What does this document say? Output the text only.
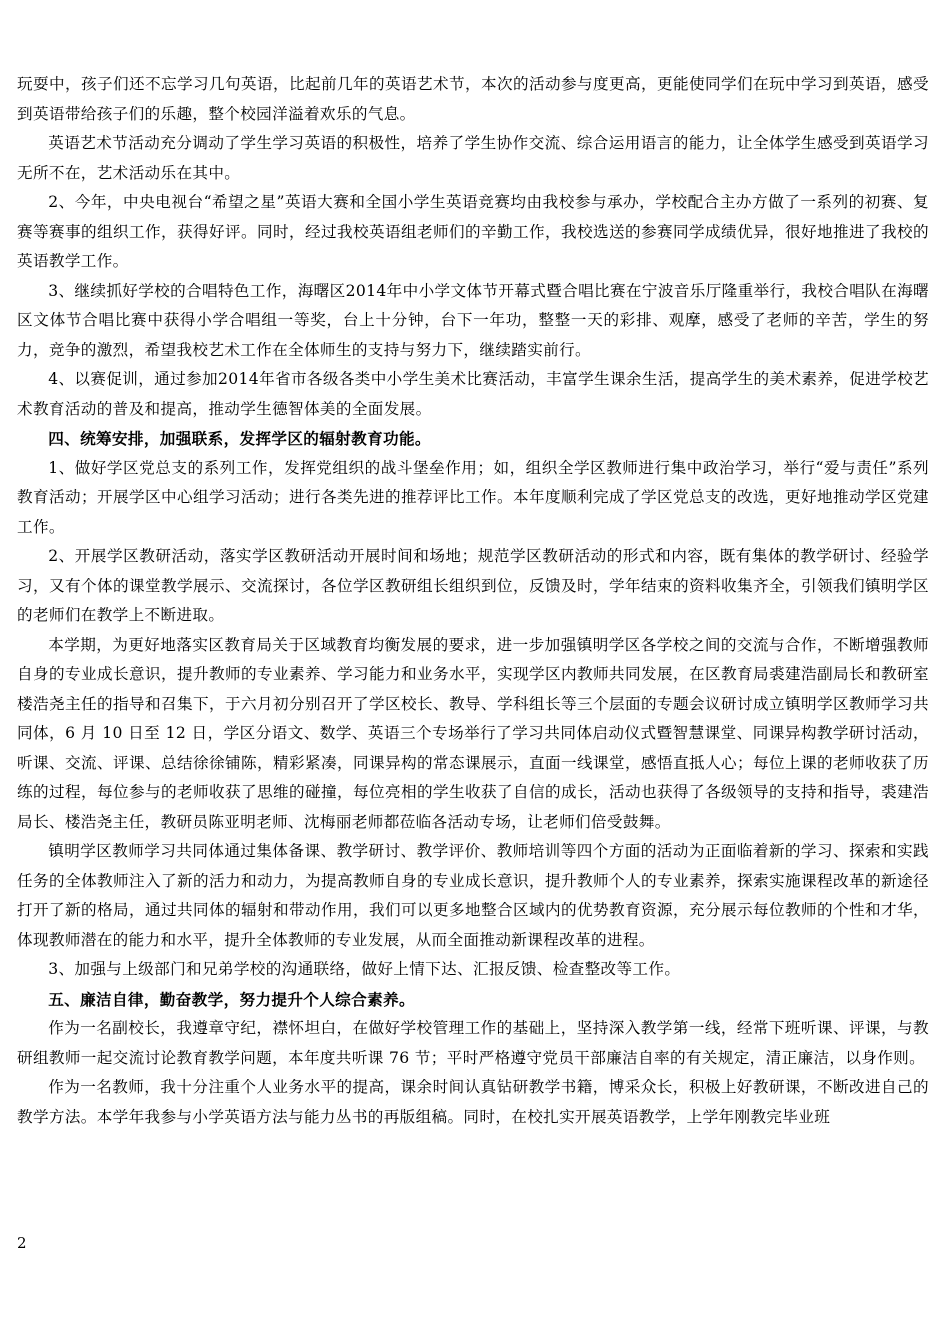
玩耍中，孩子们还不忘学习几句英语，比起前几年的英语艺术节，本次的活动参与度更高，更能使同学们在玩中学习到英语，感受到英语带给孩子们的乐趣，整个校园洋溢着欢乐的气息。

英语艺术节活动充分调动了学生学习英语的积极性，培养了学生协作交流、综合运用语言的能力，让全体学生感受到英语学习无所不在，艺术活动乐在其中。

2、今年，中央电视台“希望之星”英语大赛和全国小学生英语竞赛均由我校参与承办，学校配合主办方做了一系列的初赛、复赛等赛事的组织工作，获得好评。同时，经过我校英语组老师们的辛勤工作，我校选送的参赛同学成绩优异，很好地推进了我校的英语教学工作。

3、继续抓好学校的合唱特色工作，海曙区2014年中小学文体节开幕式暨合唱比赛在宁波音乐厅隆重举行，我校合唱队在海曙区文体节合唱比赛中获得小学合唱组一等奖，台上十分钟，台下一年功，整整一天的彩排、观摩，感受了老师的辛苦，学生的努力，竞争的激烈，希望我校艺术工作在全体师生的支持与努力下，继续踏实前行。

4、以赛促训，通过参加2014年省市各级各类中小学生美术比赛活动，丰富学生课余生活，提高学生的美术素养，促进学校艺术教育活动的普及和提高，推动学生德智体美的全面发展。

四、统筹安排，加强联系，发挥学区的辐射教育功能。

1、做好学区党总支的系列工作，发挥党组织的战斗堡垒作用；如，组织全学区教师进行集中政治学习，举行“爱与责任”系列教育活动；开展学区中心组学习活动；进行各类先进的推荐评比工作。本年度顺利完成了学区党总支的改选，更好地推动学区党建工作。

2、开展学区教研活动，落实学区教研活动开展时间和场地；规范学区教研活动的形式和内容，既有集体的教学研讨、经验学习，又有个体的课堂教学展示、交流探讨，各位学区教研组长组织到位，反馈及时，学年结束的资料收集齐全，引领我们镇明学区的老师们在教学上不断进取。

本学期，为更好地落实区教育局关于区域教育均衡发展的要求，进一步加强镇明学区各学校之间的交流与合作，不断增强教师自身的专业成长意识，提升教师的专业素养、学习能力和业务水平，实现学区内教师共同发展，在区教育局裘建浩副局长和教研室楼浩尧主任的指导和召集下，于六月初分别召开了学区校长、教导、学科组长等三个层面的专题会议研讨成立镇明学区教师学习共同体，6 月 10 日至 12 日，学区分语文、数学、英语三个专场举行了学习共同体启动仪式暨智慧课堂、同课异构教学研讨活动，听课、交流、评课、总结徐徐铺陈，精彩紧凑，同课异构的常态课展示，直面一线课堂，感悟直抵人心；每位上课的老师收获了历练的过程，每位参与的老师收获了思维的碰撞，每位亮相的学生收获了自信的成长，活动也获得了各级领导的支持和指导，裘建浩局长、楼浩尧主任，教研员陈亚明老师、沈梅丽老师都莅临各活动专场，让老师们倍受鼓舞。

镇明学区教师学习共同体通过集体备课、教学研讨、教学评价、教师培训等四个方面的活动为正面临着新的学习、探索和实践任务的全体教师注入了新的活力和动力，为提高教师自身的专业成长意识，提升教师个人的专业素养，探索实施课程改革的新途径打开了新的格局，通过共同体的辐射和带动作用，我们可以更多地整合区域内的优势教育资源，充分展示每位教师的个性和才华，体现教师潜在的能力和水平，提升全体教师的专业发展，从而全面推动新课程改革的进程。

3、加强与上级部门和兄弟学校的沟通联络，做好上情下达、汇报反馈、检查整改等工作。

五、廉洁自律，勤奋教学，努力提升个人综合素养。

作为一名副校长，我遵章守纪，襟怀坦白，在做好学校管理工作的基础上，坚持深入教学第一线，经常下班听课、评课，与教研组教师一起交流讨论教育教学问题，本年度共听课 76 节；平时严格遵守党员干部廉洁自率的有关规定，清正廉洁，以身作则。

作为一名教师，我十分注重个人业务水平的提高，课余时间认真钻研教学书籍，博采众长，积极上好教研课，不断改进自己的教学方法。本学年我参与小学英语方法与能力丛书的再版组稿。同时，在校扎实开展英语教学，上学年刚教完毕业班

2
